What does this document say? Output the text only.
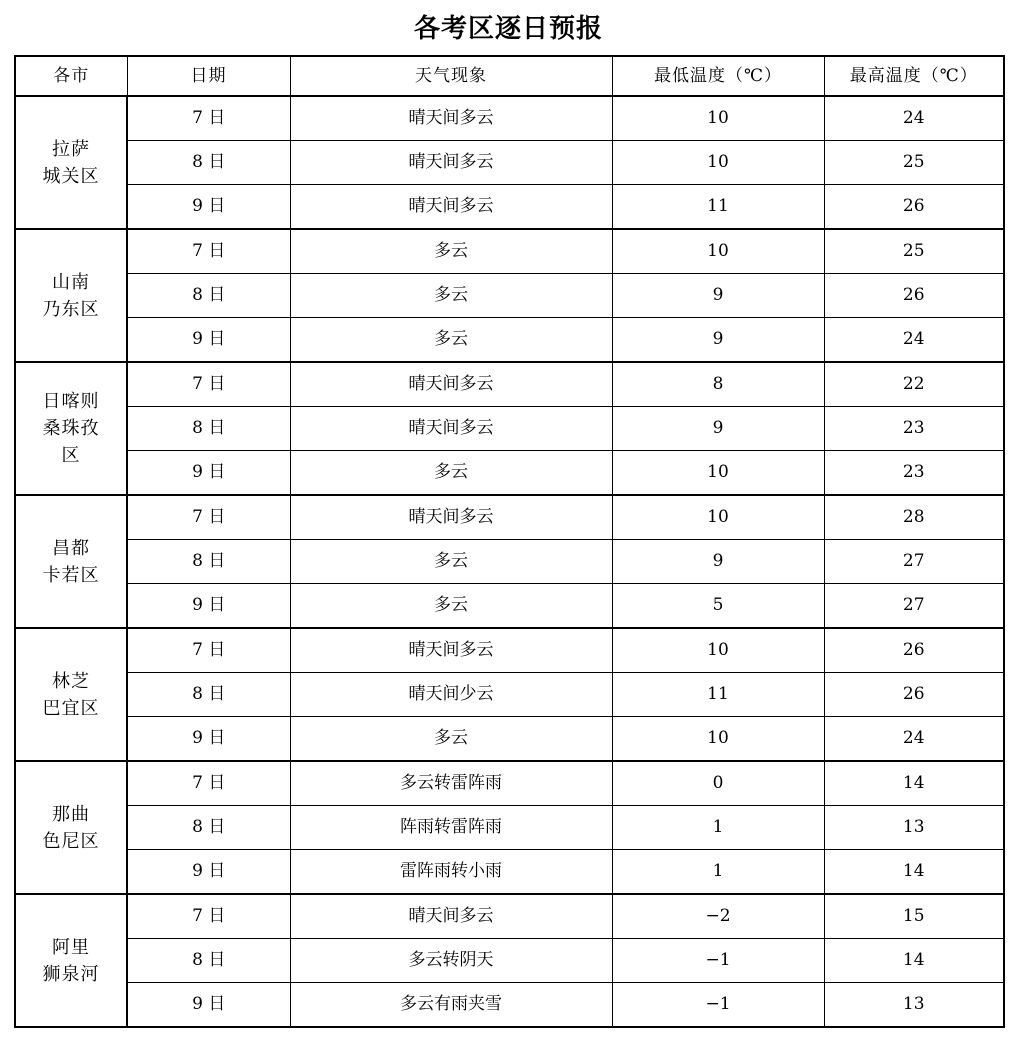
各考区逐日预报
各市	日期	天气现象	最低温度（℃）	最高温度（℃）

拉萨
城关区	7 日	晴天间多云	10	24
	8 日	晴天间多云	10	25
	9 日	晴天间多云	11	26

山南
乃东区	7 日	多云	10	25
	8 日	多云	9	26
	9 日	多云	9	24

日喀则
桑珠孜
区	7 日	晴天间多云	8	22
	8 日	晴天间多云	9	23
	9 日	多云	10	23

昌都
卡若区	7 日	晴天间多云	10	28
	8 日	多云	9	27
	9 日	多云	5	27

林芝
巴宜区	7 日	晴天间多云	10	26
	8 日	晴天间少云	11	26
	9 日	多云	10	24

那曲
色尼区	7 日	多云转雷阵雨	0	14
	8 日	阵雨转雷阵雨	1	13
	9 日	雷阵雨转小雨	1	14

阿里
狮泉河	7 日	晴天间多云	−2	15
	8 日	多云转阴天	−1	14
	9 日	多云有雨夹雪	−1	13
